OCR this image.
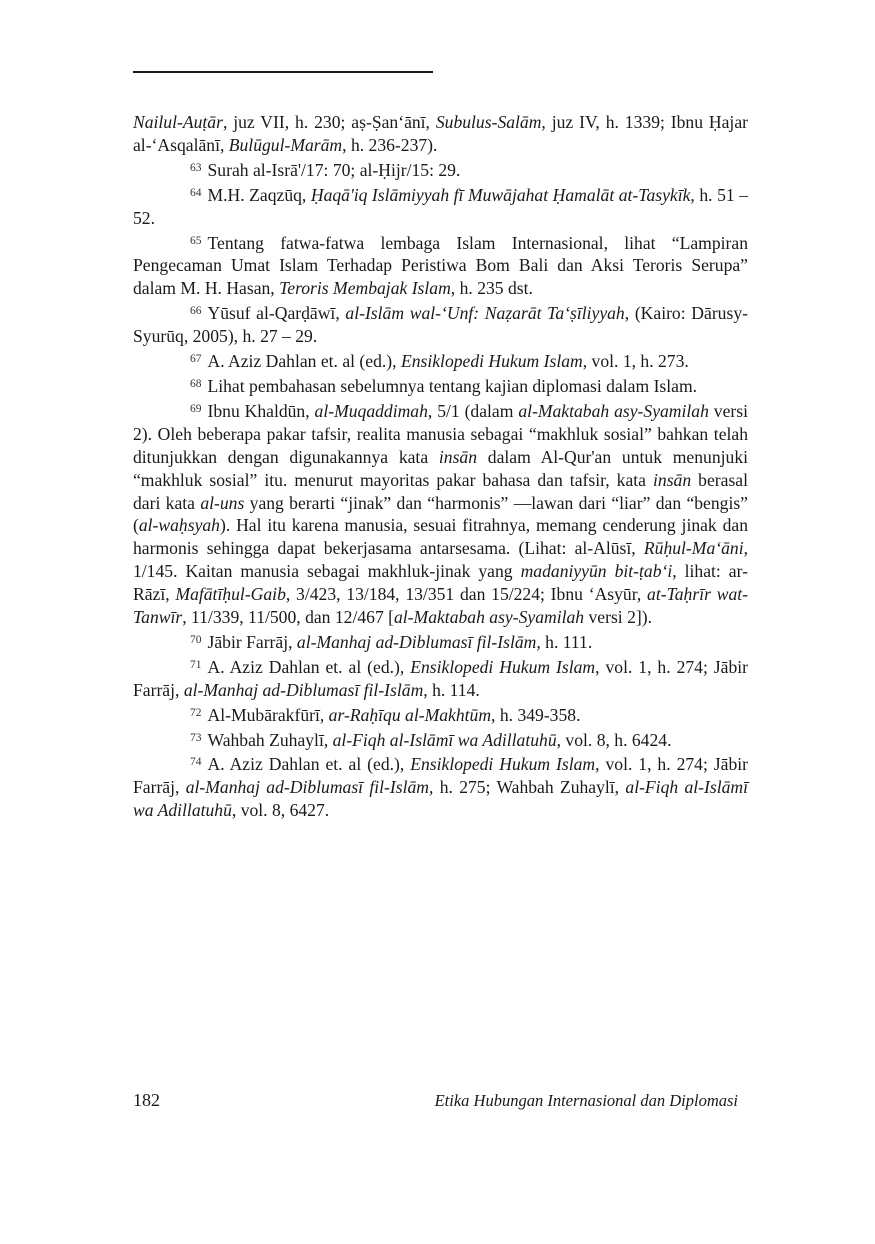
Nailul-Auṭār, juz VII, h. 230; aṣ-Ṣan‘ānī, Subulus-Salām, juz IV, h. 1339; Ibnu Ḥajar al-‘Asqalānī, Bulūgul-Marām, h. 236-237).

$^{63}$ Surah al-Isrā'/17: 70; al-Ḥijr/15: 29.

$^{64}$ M.H. Zaqzūq, Ḥaqā'iq Islāmiyyah fī Muwājahat Ḥamalāt at-Tasykīk, h. 51 – 52.

$^{65}$ Tentang fatwa-fatwa lembaga Islam Internasional, lihat “Lampiran Pengecaman Umat Islam Terhadap Peristiwa Bom Bali dan Aksi Teroris Serupa” dalam M. H. Hasan, Teroris Membajak Islam, h. 235 dst.

$^{66}$ Yūsuf al-Qarḍāwī, al-Islām wal-‘Unf: Naẓarāt Ta‘ṣīliyyah, (Kairo: Dārusy-Syurūq, 2005), h. 27 – 29.

$^{67}$ A. Aziz Dahlan et. al (ed.), Ensiklopedi Hukum Islam, vol. 1, h. 273.

$^{68}$ Lihat pembahasan sebelumnya tentang kajian diplomasi dalam Islam.

$^{69}$ Ibnu Khaldūn, al-Muqaddimah, 5/1 (dalam al-Maktabah asy-Syamilah versi 2). Oleh beberapa pakar tafsir, realita manusia sebagai “makhluk sosial” bahkan telah ditunjukkan dengan digunakannya kata insān dalam Al-Qur'an untuk menunjuki “makhluk sosial” itu. menurut mayoritas pakar bahasa dan tafsir, kata insān berasal dari kata al-uns yang berarti “jinak” dan “harmonis” —lawan dari “liar” dan “bengis” (al-waḥsyah). Hal itu karena manusia, sesuai fitrahnya, memang cenderung jinak dan harmonis sehingga dapat bekerjasama antarsesama. (Lihat: al-Alūsī, Rūḥul-Ma‘āni, 1/145. Kaitan manusia sebagai makhluk-jinak yang madaniyyūn bit-ṭab‘i, lihat: ar-Rāzī, Mafātīḥul-Gaib, 3/423, 13/184, 13/351 dan 15/224; Ibnu ‘Asyūr, at-Taḥrīr wat-Tanwīr, 11/339, 11/500, dan 12/467 [al-Maktabah asy-Syamilah versi 2]).

$^{70}$ Jābir Farrāj, al-Manhaj ad-Diblumasī fil-Islām, h. 111.

$^{71}$ A. Aziz Dahlan et. al (ed.), Ensiklopedi Hukum Islam, vol. 1, h. 274; Jābir Farrāj, al-Manhaj ad-Diblumasī fil-Islām, h. 114.

$^{72}$ Al-Mubārakfūrī, ar-Raḥīqu al-Makhtūm, h. 349-358.

$^{73}$ Wahbah Zuhaylī, al-Fiqh al-Islāmī wa Adillatuhū, vol. 8, h. 6424.

$^{74}$ A. Aziz Dahlan et. al (ed.), Ensiklopedi Hukum Islam, vol. 1, h. 274; Jābir Farrāj, al-Manhaj ad-Diblumasī fil-Islām, h. 275; Wahbah Zuhaylī, al-Fiqh al-Islāmī wa Adillatuhū, vol. 8, 6427.

182	Etika Hubungan Internasional dan Diplomasi
